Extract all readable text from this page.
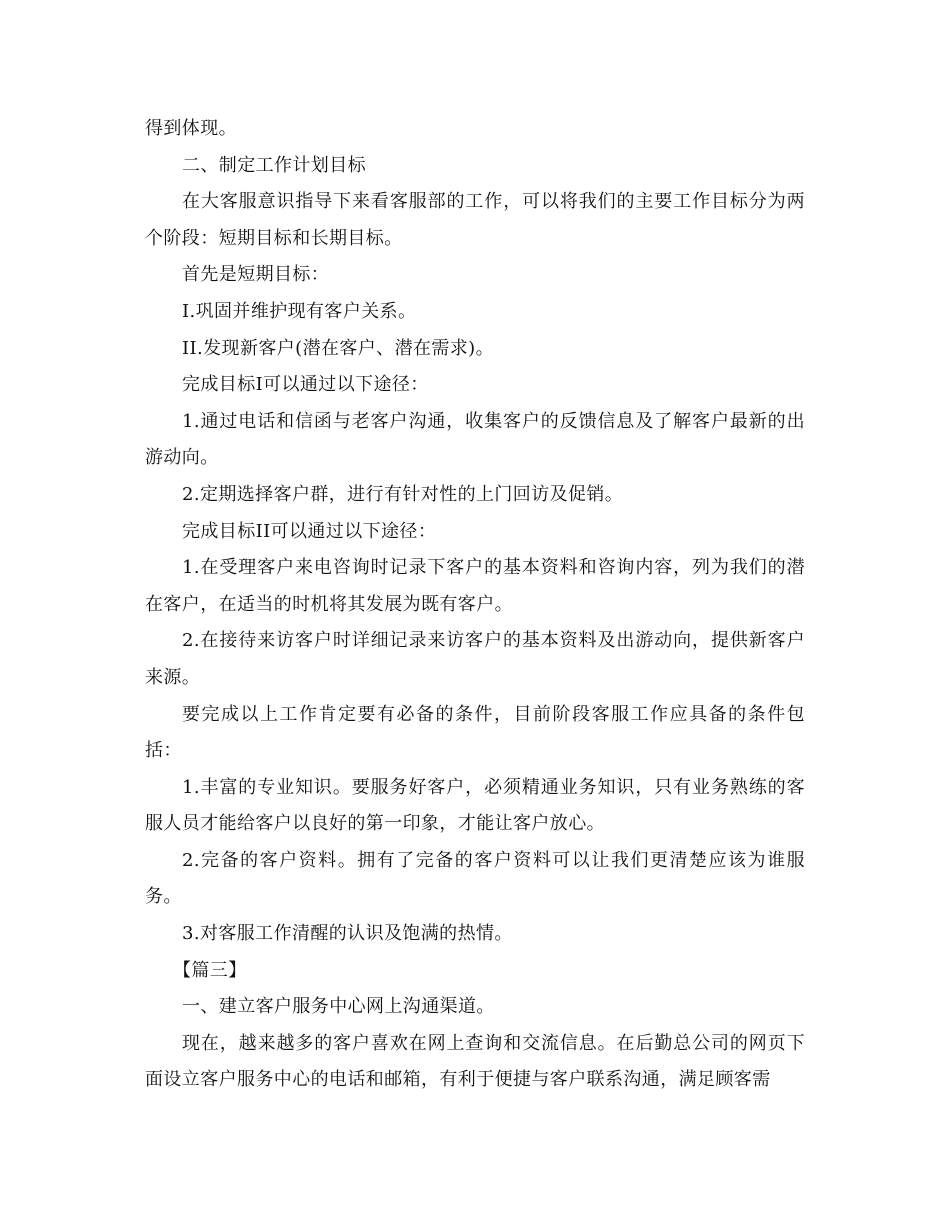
得到体现。

二、制定工作计划目标

在大客服意识指导下来看客服部的工作，可以将我们的主要工作目标分为两个阶段：短期目标和长期目标。

首先是短期目标：

I.巩固并维护现有客户关系。

II.发现新客户(潜在客户、潜在需求)。

完成目标I可以通过以下途径：

1.通过电话和信函与老客户沟通，收集客户的反馈信息及了解客户最新的出游动向。

2.定期选择客户群，进行有针对性的上门回访及促销。

完成目标II可以通过以下途径：

1.在受理客户来电咨询时记录下客户的基本资料和咨询内容，列为我们的潜在客户，在适当的时机将其发展为既有客户。

2.在接待来访客户时详细记录来访客户的基本资料及出游动向，提供新客户来源。

要完成以上工作肯定要有必备的条件，目前阶段客服工作应具备的条件包括：

1.丰富的专业知识。要服务好客户，必须精通业务知识，只有业务熟练的客服人员才能给客户以良好的第一印象，才能让客户放心。

2.完备的客户资料。拥有了完备的客户资料可以让我们更清楚应该为谁服务。

3.对客服工作清醒的认识及饱满的热情。

【篇三】

一、建立客户服务中心网上沟通渠道。

现在，越来越多的客户喜欢在网上查询和交流信息。在后勤总公司的网页下面设立客户服务中心的电话和邮箱，有利于便捷与客户联系沟通，满足顾客需
